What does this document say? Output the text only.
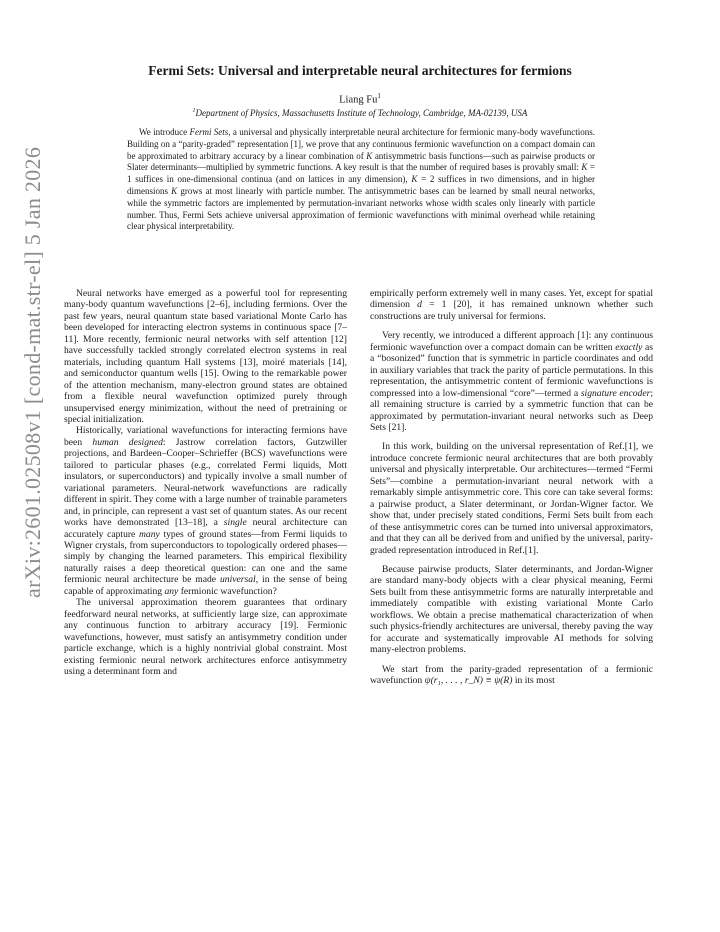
arXiv:2601.02508v1 [cond-mat.str-el] 5 Jan 2026
Fermi Sets: Universal and interpretable neural architectures for fermions
Liang Fu$^1$
$^1$Department of Physics, Massachusetts Institute of Technology, Cambridge, MA-02139, USA

We introduce Fermi Sets, a universal and physically interpretable neural architecture for fermionic many-body wavefunctions. Building on a “parity-graded” representation [1], we prove that any continuous fermionic wavefunction on a compact domain can be approximated to arbitrary accuracy by a linear combination of K antisymmetric basis functions—such as pairwise products or Slater determinants—multiplied by symmetric functions. A key result is that the number of required bases is provably small: K = 1 suffices in one-dimensional continua (and on lattices in any dimension), K = 2 suffices in two dimensions, and in higher dimensions K grows at most linearly with particle number. The antisymmetric bases can be learned by small neural networks, while the symmetric factors are implemented by permutation-invariant networks whose width scales only linearly with particle number. Thus, Fermi Sets achieve universal approximation of fermionic wavefunctions with minimal overhead while retaining clear physical interpretability.

Neural networks have emerged as a powerful tool for representing many-body quantum wavefunctions [2–6], including fermions. Over the past few years, neural quantum state based variational Monte Carlo has been developed for interacting electron systems in continuous space [7–11]. More recently, fermionic neural networks with self attention [12] have successfully tackled strongly correlated electron systems in real materials, including quantum Hall systems [13], moiré materials [14], and semiconductor quantum wells [15]. Owing to the remarkable power of the attention mechanism, many-electron ground states are obtained from a flexible neural wavefunction optimized purely through unsupervised energy minimization, without the need of pretraining or special initialization.

Historically, variational wavefunctions for interacting fermions have been human designed: Jastrow correlation factors, Gutzwiller projections, and Bardeen–Cooper–Schrieffer (BCS) wavefunctions were tailored to particular phases (e.g., correlated Fermi liquids, Mott insulators, or superconductors) and typically involve a small number of variational parameters. Neural-network wavefunctions are radically different in spirit. They come with a large number of trainable parameters and, in principle, can represent a vast set of quantum states. As our recent works have demonstrated [13–18], a single neural architecture can accurately capture many types of ground states—from Fermi liquids to Wigner crystals, from superconductors to topologically ordered phases—simply by changing the learned parameters. This empirical flexibility naturally raises a deep theoretical question: can one and the same fermionic neural architecture be made universal, in the sense of being capable of approximating any fermionic wavefunction?

The universal approximation theorem guarantees that ordinary feedforward neural networks, at sufficiently large size, can approximate any continuous function to arbitrary accuracy [19]. Fermionic wavefunctions, however, must satisfy an antisymmetry condition under particle exchange, which is a highly nontrivial global constraint. Most existing fermionic neural network architectures enforce antisymmetry using a determinant form and

empirically perform extremely well in many cases. Yet, except for spatial dimension d = 1 [20], it has remained unknown whether such constructions are truly universal for fermions.

Very recently, we introduced a different approach [1]: any continuous fermionic wavefunction over a compact domain can be written exactly as a “bosonized” function that is symmetric in particle coordinates and odd in auxiliary variables that track the parity of particle permutations. In this representation, the antisymmetric content of fermionic wavefunctions is compressed into a low-dimensional “core”—termed a signature encoder; all remaining structure is carried by a symmetric function that can be approximated by permutation-invariant neural networks such as Deep Sets [21].

In this work, building on the universal representation of Ref.[1], we introduce concrete fermionic neural architectures that are both provably universal and physically interpretable. Our architectures—termed “Fermi Sets”—combine a permutation-invariant neural network with a remarkably simple antisymmetric core. This core can take several forms: a pairwise product, a Slater determinant, or Jordan-Wigner factor. We show that, under precisely stated conditions, Fermi Sets built from each of these antisymmetric cores can be turned into universal approximators, and that they can all be derived from and unified by the universal, parity-graded representation introduced in Ref.[1].

Because pairwise products, Slater determinants, and Jordan-Wigner are standard many-body objects with a clear physical meaning, Fermi Sets built from these antisymmetric forms are naturally interpretable and immediately compatible with existing variational Monte Carlo workflows. We obtain a precise mathematical characterization of when such physics-friendly architectures are universal, thereby paving the way for accurate and systematically improvable AI methods for solving many-electron problems.

We start from the parity-graded representation of a fermionic wavefunction ψ(r₁, . . . , r_N) ≡ ψ(R) in its most
